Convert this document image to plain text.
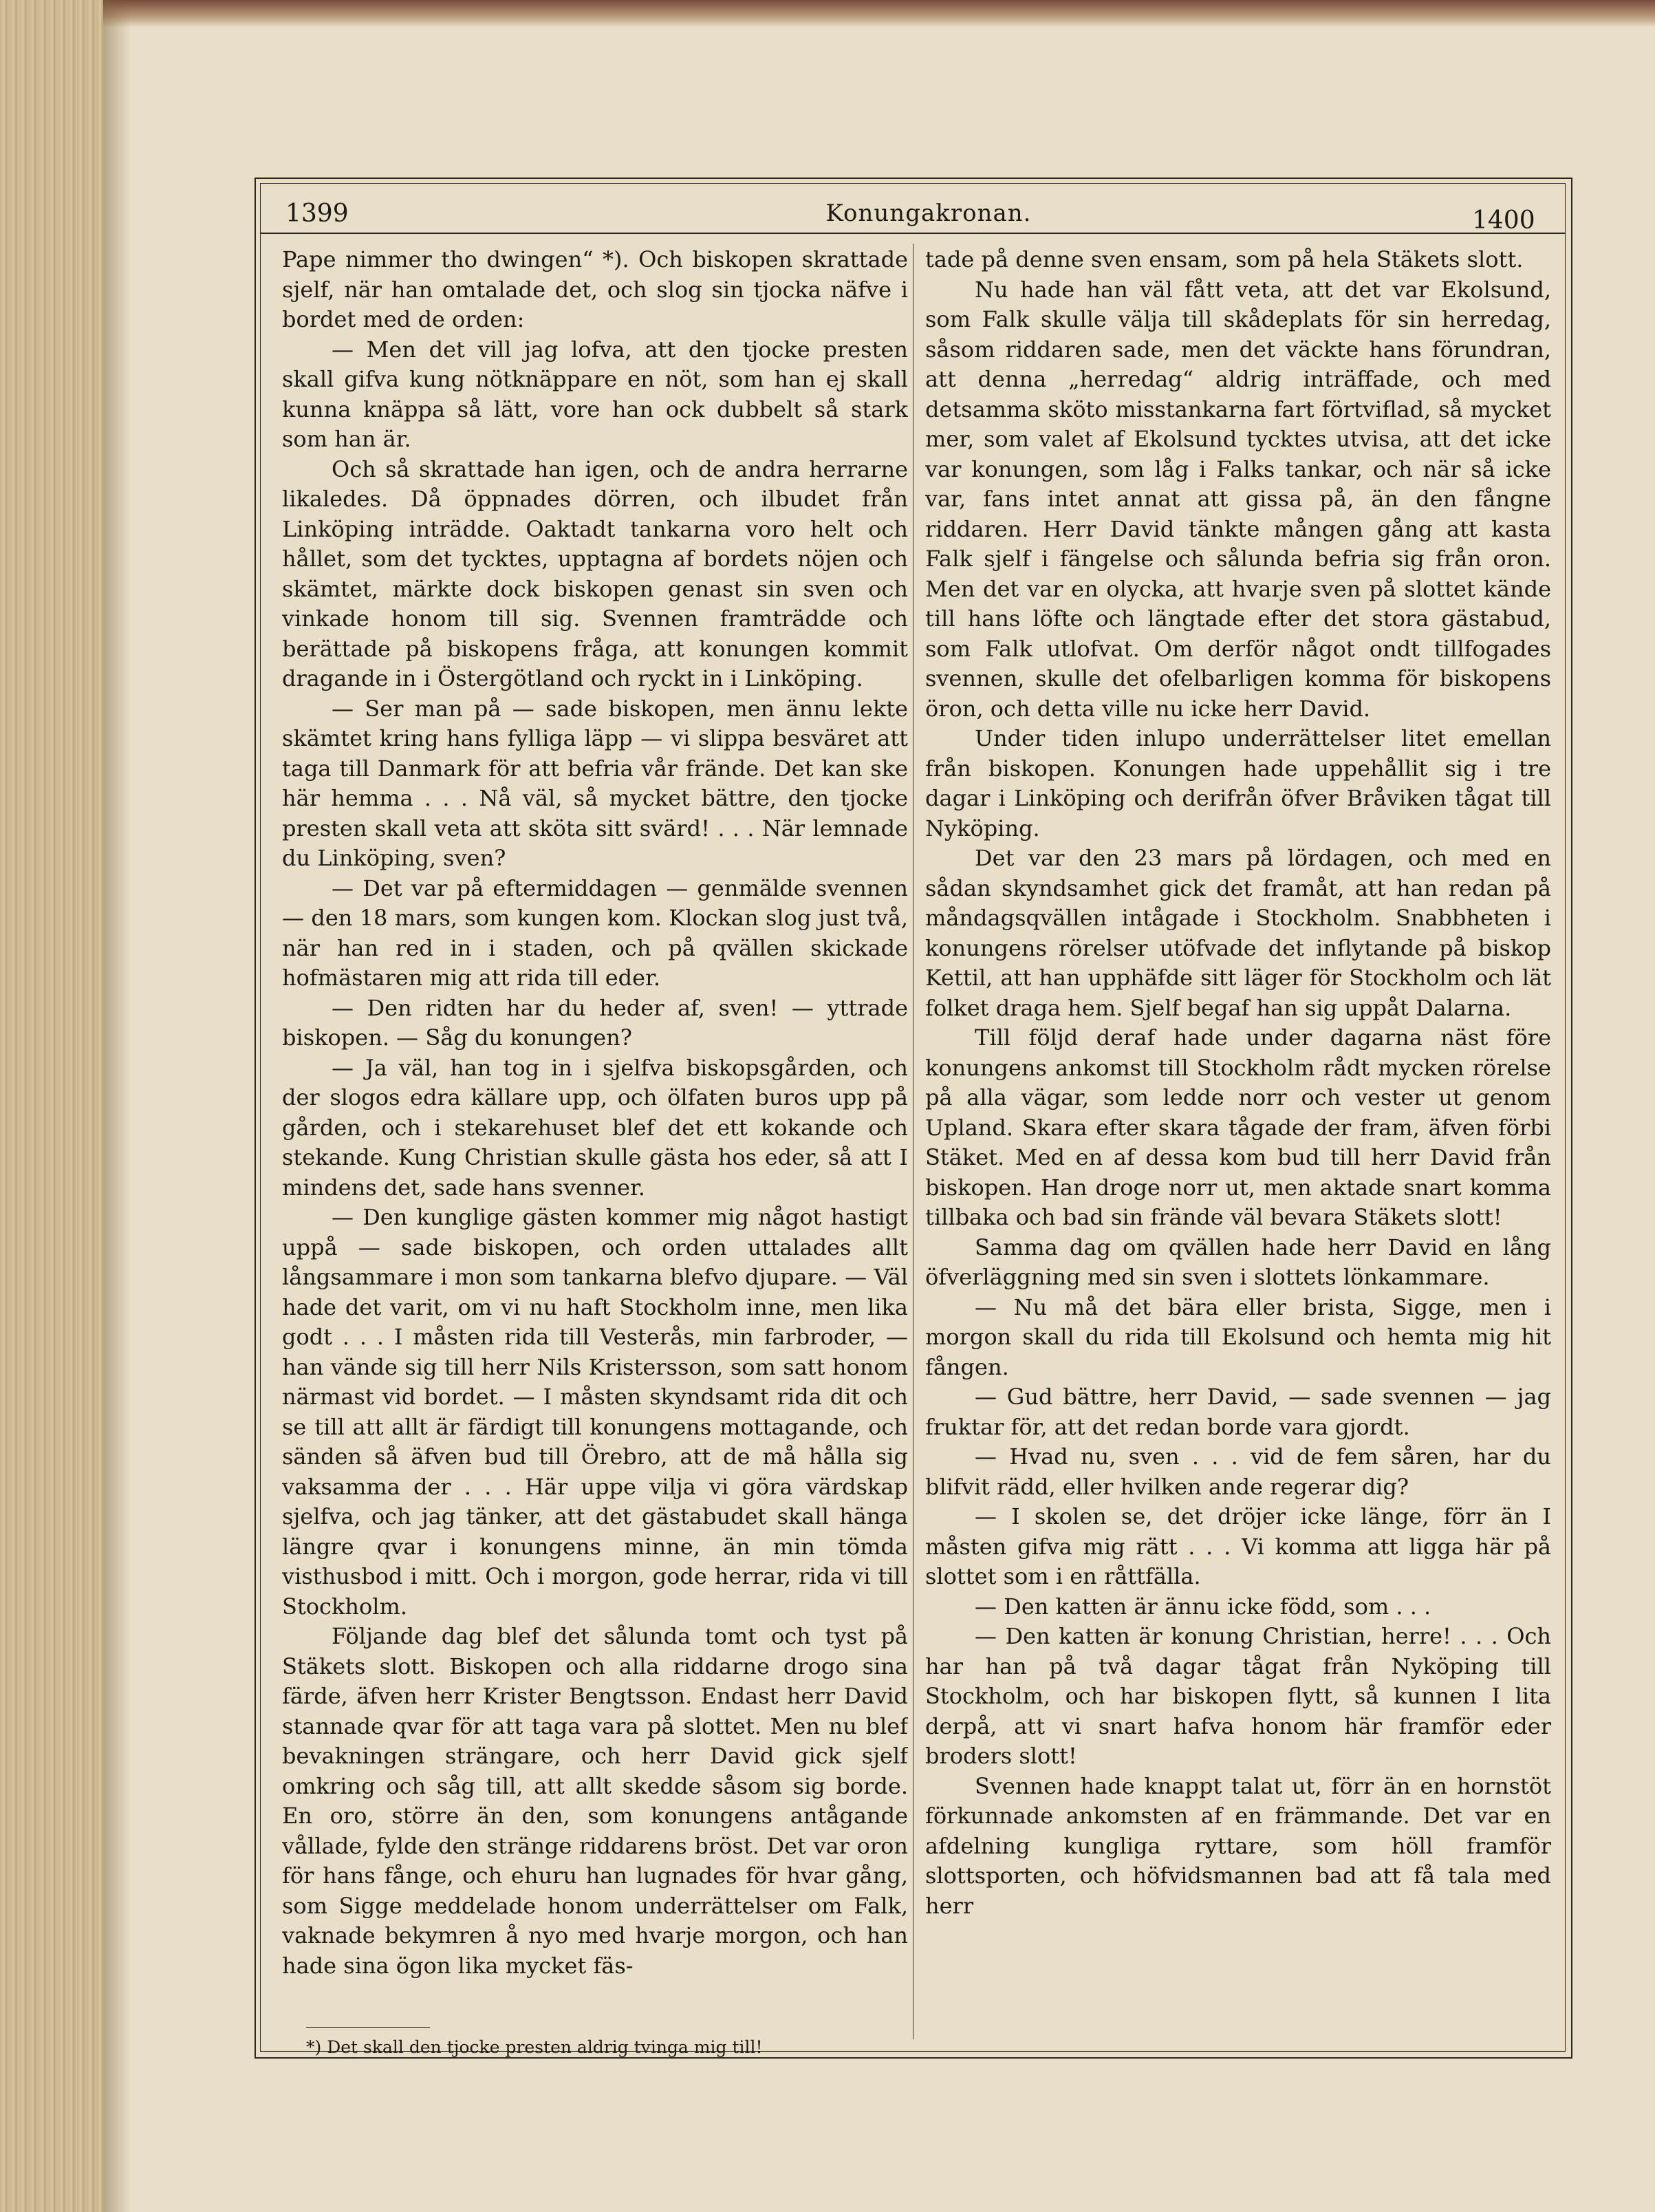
1399	Konungakronan.	1400

Pape nimmer tho dwingen“ *). Och biskopen skrattade sjelf, när han omtalade det, och slog sin tjocka näfve i bordet med de orden:

— Men det vill jag lofva, att den tjocke presten skall gifva kung nötknäppare en nöt, som han ej skall kunna knäppa så lätt, vore han ock dubbelt så stark som han är.

Och så skrattade han igen, och de andra herrarne likaledes. Då öppnades dörren, och ilbudet från Linköping inträdde. Oaktadt tankarna voro helt och hållet, som det tycktes, upptagna af bordets nöjen och skämtet, märkte dock biskopen genast sin sven och vinkade honom till sig. Svennen framträdde och berättade på biskopens fråga, att konungen kommit dragande in i Östergötland och ryckt in i Linköping.

— Ser man på — sade biskopen, men ännu lekte skämtet kring hans fylliga läpp — vi slippa besväret att taga till Danmark för att befria vår frände. Det kan ske här hemma . . . Nå väl, så mycket bättre, den tjocke presten skall veta att sköta sitt svärd! . . . När lemnade du Linköping, sven?

— Det var på eftermiddagen — genmälde svennen — den 18 mars, som kungen kom. Klockan slog just två, när han red in i staden, och på qvällen skickade hofmästaren mig att rida till eder.

— Den ridten har du heder af, sven! — yttrade biskopen. — Såg du konungen?

— Ja väl, han tog in i sjelfva biskopsgården, och der slogos edra källare upp, och ölfaten buros upp på gården, och i stekarehuset blef det ett kokande och stekande. Kung Christian skulle gästa hos eder, så att I mindens det, sade hans svenner.

— Den kunglige gästen kommer mig något hastigt uppå — sade biskopen, och orden uttalades allt långsammare i mon som tankarna blefvo djupare. — Väl hade det varit, om vi nu haft Stockholm inne, men lika godt . . . I måsten rida till Vesterås, min farbroder, — han vände sig till herr Nils Kristersson, som satt honom närmast vid bordet. — I måsten skyndsamt rida dit och se till att allt är färdigt till konungens mottagande, och sänden så äfven bud till Örebro, att de må hålla sig vaksamma der . . . Här uppe vilja vi göra värdskap sjelfva, och jag tänker, att det gästabudet skall hänga längre qvar i konungens minne, än min tömda visthusbod i mitt. Och i morgon, gode herrar, rida vi till Stockholm.

Följande dag blef det sålunda tomt och tyst på Stäkets slott. Biskopen och alla riddarne drogo sina färde, äfven herr Krister Bengtsson. Endast herr David stannade qvar för att taga vara på slottet. Men nu blef bevakningen strängare, och herr David gick sjelf omkring och såg till, att allt skedde såsom sig borde. En oro, större än den, som konungens antågande vållade, fylde den stränge riddarens bröst. Det var oron för hans fånge, och ehuru han lugnades för hvar gång, som Sigge meddelade honom underrättelser om Falk, vaknade bekymren å nyo med hvarje morgon, och han hade sina ögon lika mycket fäs-

tade på denne sven ensam, som på hela Stäkets slott.

Nu hade han väl fått veta, att det var Ekolsund, som Falk skulle välja till skådeplats för sin herredag, såsom riddaren sade, men det väckte hans förundran, att denna „herredag“ aldrig inträffade, och med detsamma sköto misstankarna fart förtviflad, så mycket mer, som valet af Ekolsund tycktes utvisa, att det icke var konungen, som låg i Falks tankar, och när så icke var, fans intet annat att gissa på, än den fångne riddaren. Herr David tänkte mången gång att kasta Falk sjelf i fängelse och sålunda befria sig från oron. Men det var en olycka, att hvarje sven på slottet kände till hans löfte och längtade efter det stora gästabud, som Falk utlofvat. Om derför något ondt tillfogades svennen, skulle det ofelbarligen komma för biskopens öron, och detta ville nu icke herr David.

Under tiden inlupo underrättelser litet emellan från biskopen. Konungen hade uppehållit sig i tre dagar i Linköping och derifrån öfver Bråviken tågat till Nyköping.

Det var den 23 mars på lördagen, och med en sådan skyndsamhet gick det framåt, att han redan på måndagsqvällen intågade i Stockholm. Snabbheten i konungens rörelser utöfvade det inflytande på biskop Kettil, att han upphäfde sitt läger för Stockholm och lät folket draga hem. Sjelf begaf han sig uppåt Dalarna.

Till följd deraf hade under dagarna näst före konungens ankomst till Stockholm rådt mycken rörelse på alla vägar, som ledde norr och vester ut genom Upland. Skara efter skara tågade der fram, äfven förbi Stäket. Med en af dessa kom bud till herr David från biskopen. Han droge norr ut, men aktade snart komma tillbaka och bad sin frände väl bevara Stäkets slott!

Samma dag om qvällen hade herr David en lång öfverläggning med sin sven i slottets lönkammare.

— Nu må det bära eller brista, Sigge, men i morgon skall du rida till Ekolsund och hemta mig hit fången.

— Gud bättre, herr David, — sade svennen — jag fruktar för, att det redan borde vara gjordt.

— Hvad nu, sven . . . vid de fem såren, har du blifvit rädd, eller hvilken ande regerar dig?

— I skolen se, det dröjer icke länge, förr än I måsten gifva mig rätt . . . Vi komma att ligga här på slottet som i en råttfälla.

— Den katten är ännu icke född, som . . .

— Den katten är konung Christian, herre! . . . Och har han på två dagar tågat från Nyköping till Stockholm, och har biskopen flytt, så kunnen I lita derpå, att vi snart hafva honom här framför eder broders slott!

Svennen hade knappt talat ut, förr än en hornstöt förkunnade ankomsten af en främmande. Det var en afdelning kungliga ryttare, som höll framför slottsporten, och höfvidsmannen bad att få tala med herr

*) Det skall den tjocke presten aldrig tvinga mig till!
